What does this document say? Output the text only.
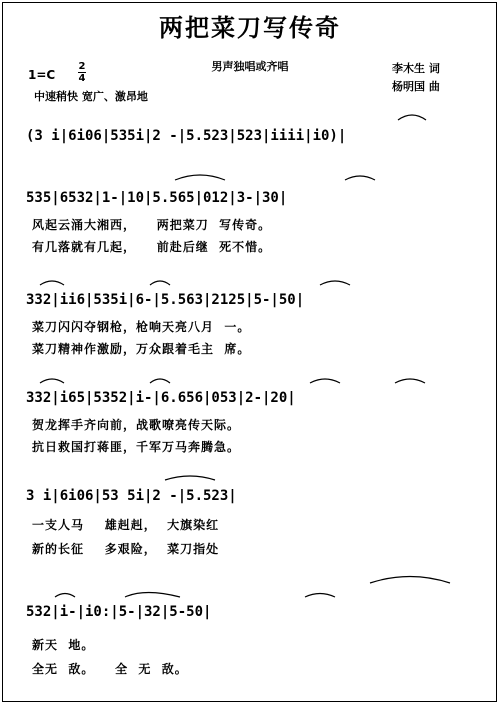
两把菜刀写传奇
男声独唱或齐唱	李木生 词
杨明国 曲
1=C
2
4
中速稍快 宽广、激昂地
(3 i|6i06|535i|2 -|5.523|523|iiii|i0)|
535|6532|1-|10|5.565|012|3-|30|
风起云涌大湘西，    两把菜刀  写传奇。
有几落就有几起，    前赴后继  死不惜。
332|ii6|535i|6-|5.563|2125|5-|50|
菜刀闪闪夺钢枪，枪响天亮八月  一。
菜刀精神作激励，万众跟着毛主  席。
332|i65|5352|i-|6.656|053|2-|20|
贺龙挥手齐向前，战歌嘹亮传天际。
抗日救国打蒋匪，千军万马奔腾急。
3 i|6i06|53 5i|2 -|5.523|
一支人马    雄赳赳，  大旗染红
新的长征    多艰险，  菜刀指处
532|i-|i0:|5-|32|5-50|
新天  地。
全无  敌。    全  无  敌。
